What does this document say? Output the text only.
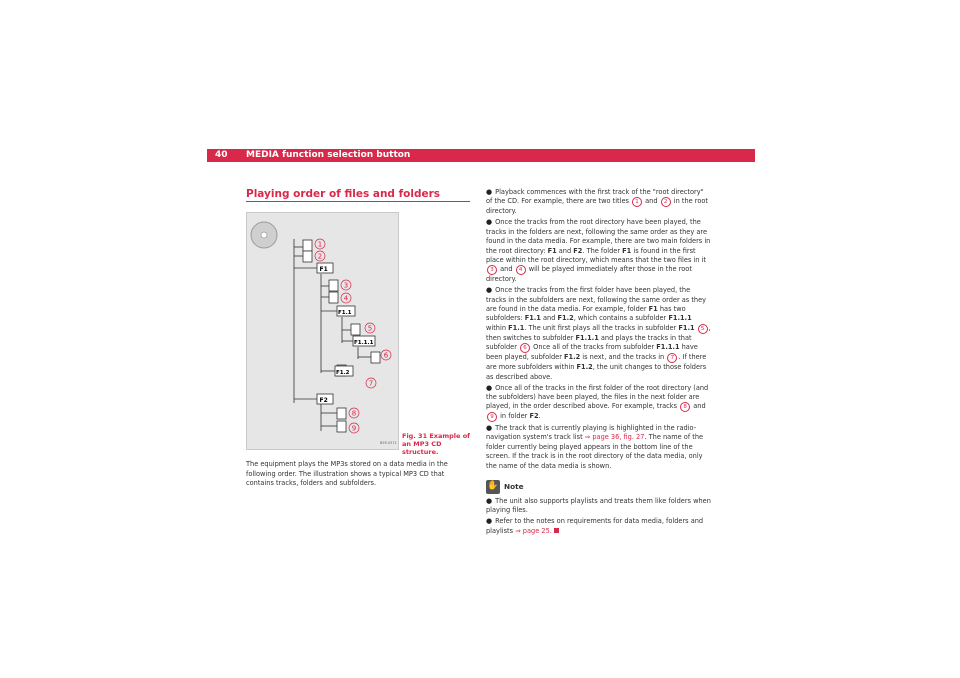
40 MEDIA function selection button
Playing order of files and folders
F1
F1.1
F1.1.1
F1.2
F2
1
2
3
4
5
6
7
8
9
B5P-0371
Fig. 31 Example of an MP3 CD structure.
The equipment plays the MP3s stored on a data media in the following order. The illustration shows a typical MP3 CD that contains tracks, folders and subfolders.
● Playback commences with the first track of the "root directory" of the CD. For example, there are two titles 1 and 2 in the root directory.
● Once the tracks from the root directory have been played, the tracks in the folders are next, following the same order as they are found in the data media. For example, there are two main folders in the root directory: F1 and F2. The folder F1 is found in the first place within the root directory, which means that the two files in it 3 and 4 will be played immediately after those in the root directory.
● Once the tracks from the first folder have been played, the tracks in the subfolders are next, following the same order as they are found in the data media. For example, folder F1 has two subfolders: F1.1 and F1.2, which contains a subfolder F1.1.1 within F1.1. The unit first plays all the tracks in subfolder F1.1 5 , then switches to subfolder F1.1.1 and plays the tracks in that subfolder 6 Once all of the tracks from subfolder F1.1.1 have been played, subfolder F1.2 is next, and the tracks in 7 . If there are more subfolders within F1.2, the unit changes to those folders as described above.
● Once all of the tracks in the first folder of the root directory (and the subfolders) have been played, the files in the next folder are played, in the order described above. For example, tracks 8 and 9 in folder F2.
● The track that is currently playing is highlighted in the radio-navigation system's track list ⇒ page 36, fig. 27. The name of the folder currently being played appears in the bottom line of the screen. If the track is in the root directory of the data media, only the name of the data media is shown.
✋ Note
● The unit also supports playlists and treats them like folders when playing files.
● Refer to the notes on requirements for data media, folders and playlists ⇒ page 25.
